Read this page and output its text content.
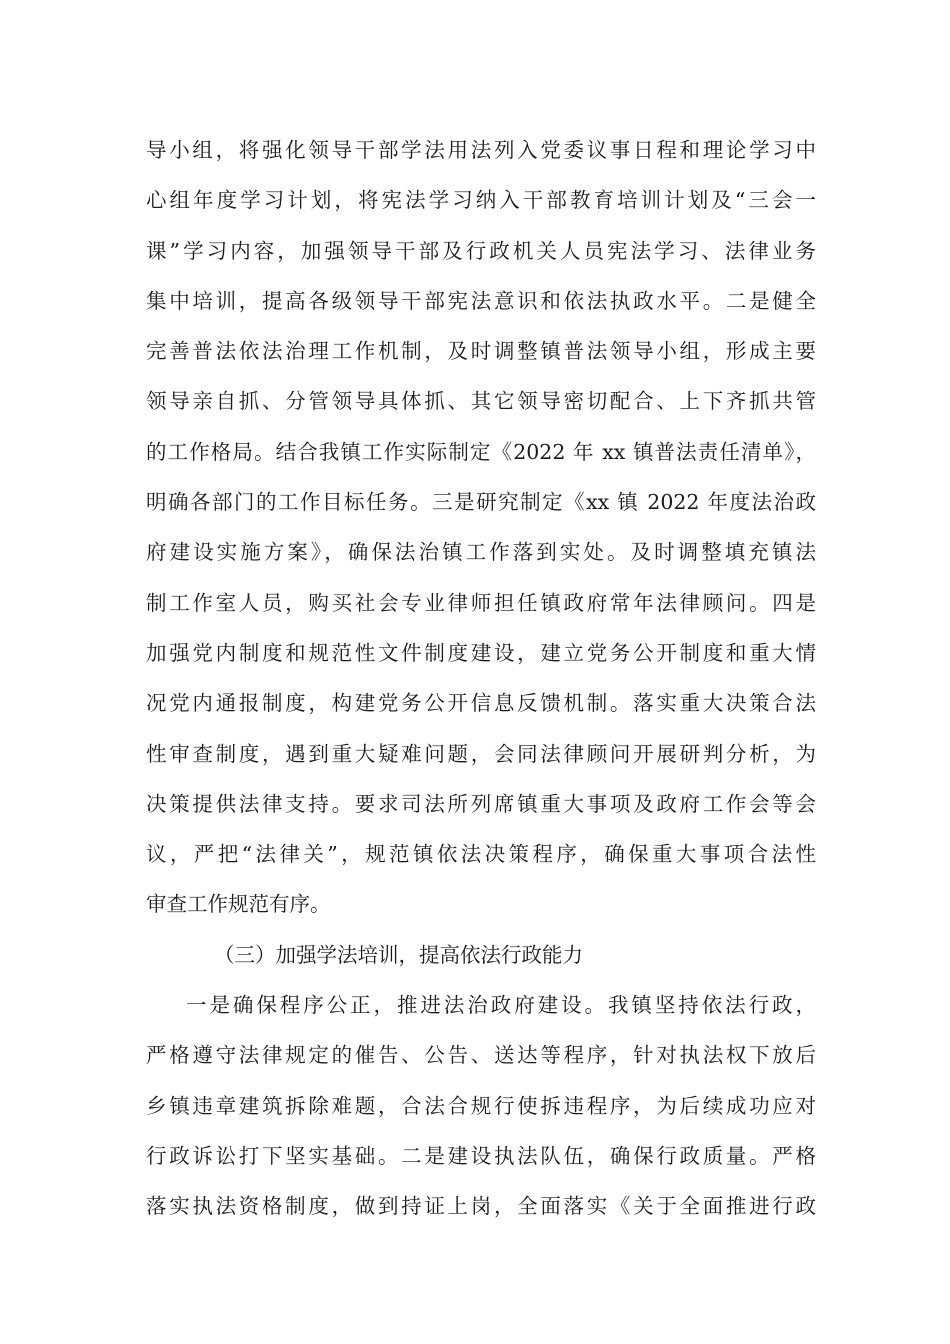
导小组，将强化领导干部学法用法列入党委议事日程和理论学习中
心组年度学习计划，将宪法学习纳入干部教育培训计划及“三会一
课”学习内容，加强领导干部及行政机关人员宪法学习、法律业务
集中培训，提高各级领导干部宪法意识和依法执政水平。二是健全
完善普法依法治理工作机制，及时调整镇普法领导小组，形成主要
领导亲自抓、分管领导具体抓、其它领导密切配合、上下齐抓共管
的工作格局。结合我镇工作实际制定《2022 年 xx 镇普法责任清单》，
明确各部门的工作目标任务。三是研究制定《xx 镇 2022 年度法治政
府建设实施方案》，确保法治镇工作落到实处。及时调整填充镇法
制工作室人员，购买社会专业律师担任镇政府常年法律顾问。四是
加强党内制度和规范性文件制度建设，建立党务公开制度和重大情
况党内通报制度，构建党务公开信息反馈机制。落实重大决策合法
性审查制度，遇到重大疑难问题，会同法律顾问开展研判分析，为
决策提供法律支持。要求司法所列席镇重大事项及政府工作会等会
议，严把“法律关”，规范镇依法决策程序，确保重大事项合法性
审查工作规范有序。
（三）加强学法培训，提高依法行政能力
一是确保程序公正，推进法治政府建设。我镇坚持依法行政，
严格遵守法律规定的催告、公告、送达等程序，针对执法权下放后
乡镇违章建筑拆除难题，合法合规行使拆违程序，为后续成功应对
行政诉讼打下坚实基础。二是建设执法队伍，确保行政质量。严格
落实执法资格制度，做到持证上岗，全面落实《关于全面推进行政
